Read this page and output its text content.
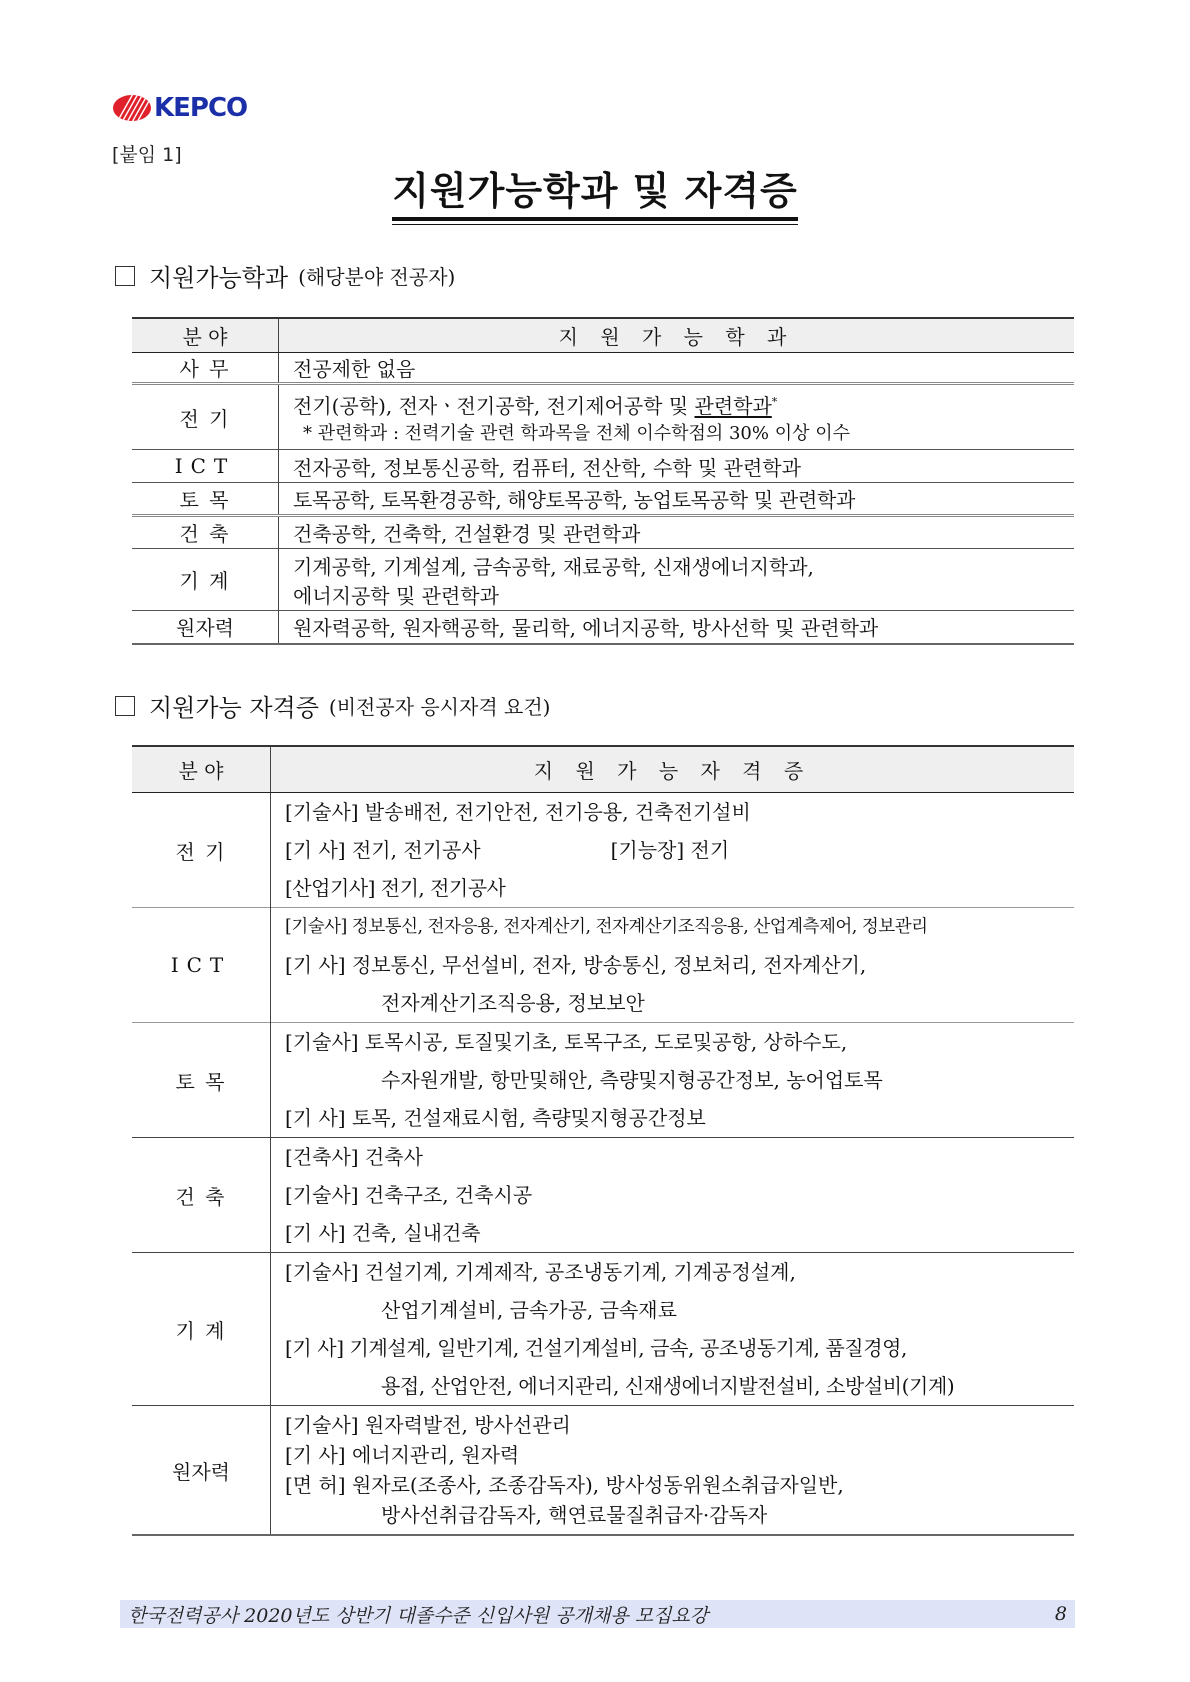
KEPCO
[붙임 1]
지원가능학과 및 자격증
지원가능학과 (해당분야 전공자)
분 야	지 원 가 능 학 과
사 무	전공제한 없음
전 기	전기(공학), 전자ㆍ전기공학, 전기제어공학 및 관련학과*
* 관련학과 : 전력기술 관련 학과목을 전체 이수학점의 30% 이상 이수

ICT	전자공학, 정보통신공학, 컴퓨터, 전산학, 수학 및 관련학과
토 목	토목공학, 토목환경공학, 해양토목공학, 농업토목공학 및 관련학과
건 축	건축공학, 건축학, 건설환경 및 관련학과
기 계	기계공학, 기계설계, 금속공학, 재료공학, 신재생에너지학과,
에너지공학 및 관련학과

원자력	원자력공학, 원자핵공학, 물리학, 에너지공학, 방사선학 및 관련학과
지원가능 자격증 (비전공자 응시자격 요건)
분 야	지 원 가 능 자 격 증
전 기	[기술사] 발송배전, 전기안전, 전기응용, 건축전기설비
[기 사] 전기, 전기공사 [기능장] 전기
[산업기사] 전기, 전기공사

ICT	[기술사] 정보통신, 전자응용, 전자계산기, 전자계산기조직응용, 산업계측제어, 정보관리
[기 사] 정보통신, 무선설비, 전자, 방송통신, 정보처리, 전자계산기,
전자계산기조직응용, 정보보안

토 목	[기술사] 토목시공, 토질및기초, 토목구조, 도로및공항, 상하수도,
수자원개발, 항만및해안, 측량및지형공간정보, 농어업토목
[기 사] 토목, 건설재료시험, 측량및지형공간정보

건 축	[건축사] 건축사
[기술사] 건축구조, 건축시공
[기 사] 건축, 실내건축

기 계	[기술사] 건설기계, 기계제작, 공조냉동기계, 기계공정설계,
산업기계설비, 금속가공, 금속재료
[기 사] 기계설계, 일반기계, 건설기계설비, 금속, 공조냉동기계, 품질경영,
용접, 산업안전, 에너지관리, 신재생에너지발전설비, 소방설비(기계)

원자력	[기술사] 원자력발전, 방사선관리
[기 사] 에너지관리, 원자력
[면 허] 원자로(조종사, 조종감독자), 방사성동위원소취급자일반,
방사선취급감독자, 핵연료물질취급자·감독자
한국전력공사 2020년도 상반기 대졸수준 신입사원 공개채용 모집요강	8
